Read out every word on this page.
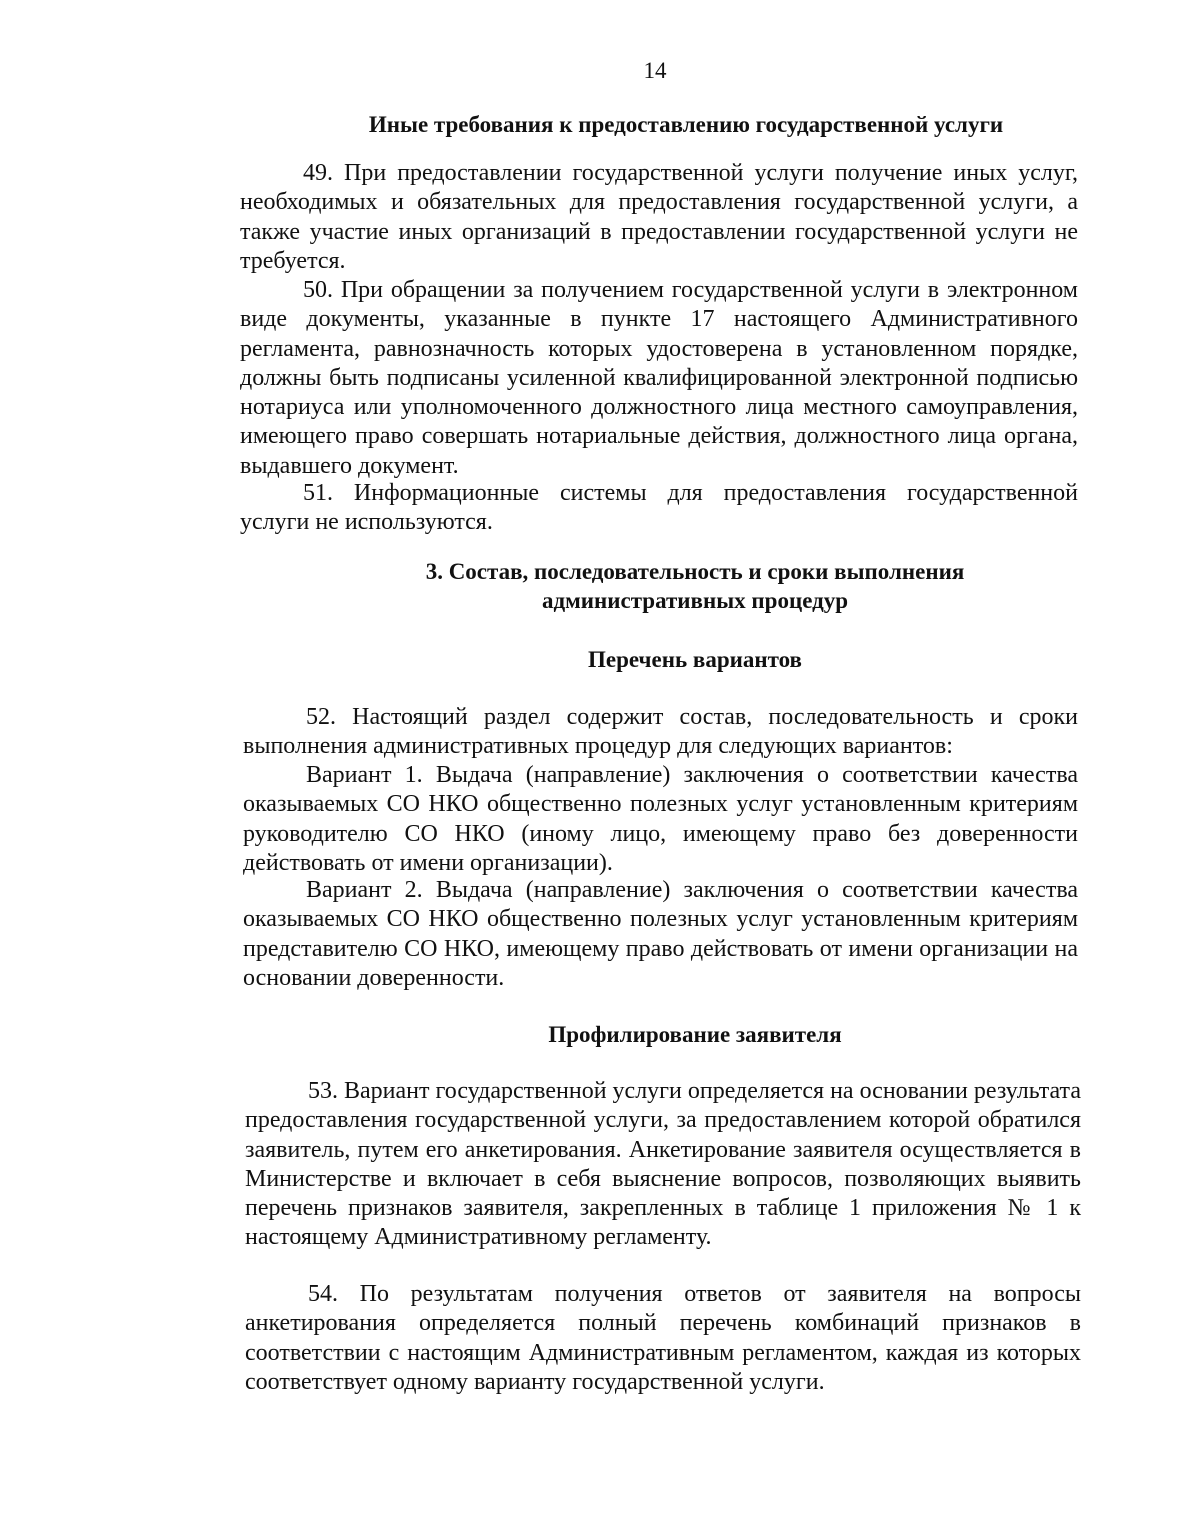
14
Иные требования к предоставлению государственной услуги

49. При предоставлении государственной услуги получение иных услуг, необходимых и обязательных для предоставления государственной услуги, а также участие иных организаций в предоставлении государственной услуги не требуется.

50. При обращении за получением государственной услуги в электронном виде документы, указанные в пункте 17 настоящего Административного регламента, равнозначность которых удостоверена в установленном порядке, должны быть подписаны усиленной квалифицированной электронной подписью нотариуса или уполномоченного должностного лица местного самоуправления, имеющего право совершать нотариальные действия, должностного лица органа, выдавшего документ.

51. Информационные системы для предоставления государственной услуги не используются.

3. Состав, последовательность и сроки выполнения
административных процедур
Перечень вариантов

52. Настоящий раздел содержит состав, последовательность и сроки выполнения административных процедур для следующих вариантов:

Вариант 1. Выдача (направление) заключения о соответствии качества оказываемых СО НКО общественно полезных услуг установленным критериям руководителю СО НКО (иному лицо, имеющему право без доверенности действовать от имени организации).

Вариант 2. Выдача (направление) заключения о соответствии качества оказываемых СО НКО общественно полезных услуг установленным критериям представителю СО НКО, имеющему право действовать от имени организации на основании доверенности.

Профилирование заявителя

53. Вариант государственной услуги определяется на основании результата предоставления государственной услуги, за предоставлением которой обратился заявитель, путем его анкетирования. Анкетирование заявителя осуществляется в Министерстве и включает в себя выяснение вопросов, позволяющих выявить перечень признаков заявителя, закрепленных в таблице 1 приложения № 1 к настоящему Административному регламенту.

54. По результатам получения ответов от заявителя на вопросы анкетирования определяется полный перечень комбинаций признаков в соответствии с настоящим Административным регламентом, каждая из которых соответствует одному варианту государственной услуги.
